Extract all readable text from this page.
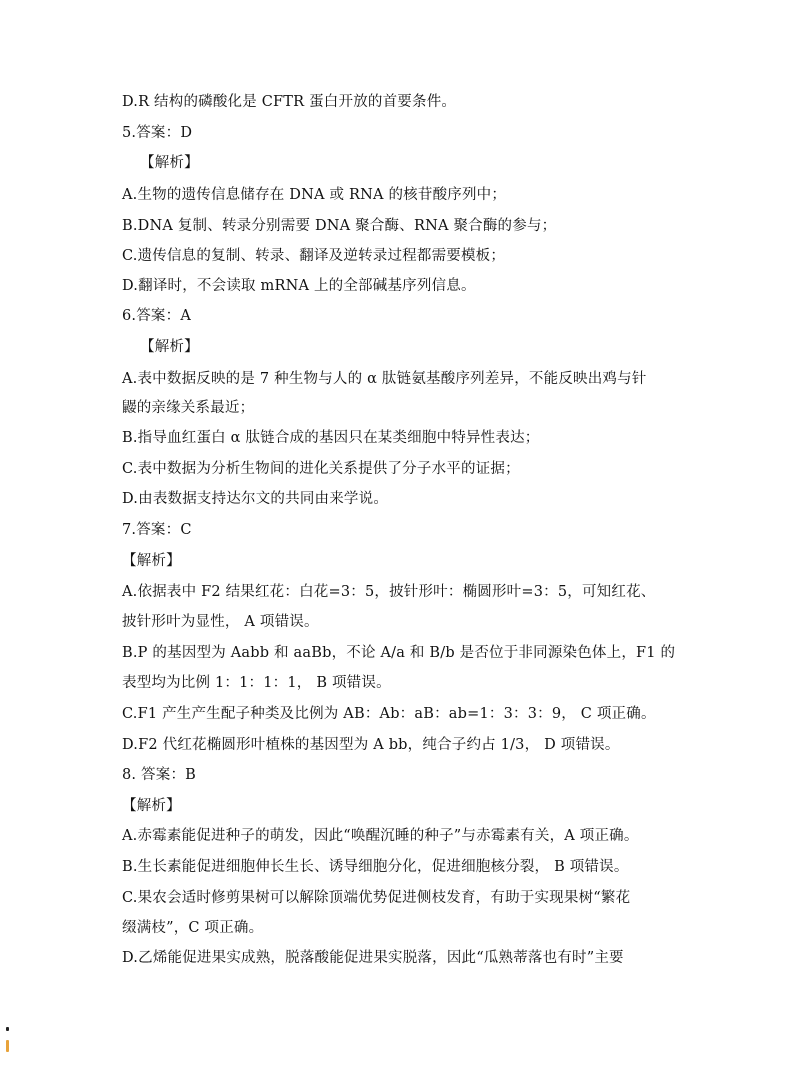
D.R 结构的磷酸化是 CFTR 蛋白开放的首要条件。
5.答案：D
【解析】
A.生物的遗传信息储存在 DNA 或 RNA 的核苷酸序列中；
B.DNA 复制、转录分别需要 DNA 聚合酶、RNA 聚合酶的参与；
C.遗传信息的复制、转录、翻译及逆转录过程都需要模板；
D.翻译时，不会读取 mRNA 上的全部碱基序列信息。
6.答案：A
【解析】
A.表中数据反映的是 7 种生物与人的 α 肽链氨基酸序列差异，不能反映出鸡与针
鼹的亲缘关系最近；
B.指导血红蛋白 α 肽链合成的基因只在某类细胞中特异性表达；
C.表中数据为分析生物间的进化关系提供了分子水平的证据；
D.由表数据支持达尔文的共同由来学说。
7.答案：C
【解析】
A.依据表中 F2 结果红花：白花=3：5，披针形叶：椭圆形叶=3：5，可知红花、
披针形叶为显性， A 项错误。
B.P 的基因型为 Aabb 和 aaBb，不论 A/a 和 B/b 是否位于非同源染色体上，F1 的
表型均为比例 1：1：1：1， B 项错误。
C.F1 产生产生配子种类及比例为 AB：Ab：aB：ab=1：3：3：9， C 项正确。
D.F2 代红花椭圆形叶植株的基因型为 A bb，纯合子约占 1/3， D 项错误。
8. 答案：B
【解析】
A.赤霉素能促进种子的萌发，因此“唤醒沉睡的种子”与赤霉素有关，A 项正确。
B.生长素能促进细胞伸长生长、诱导细胞分化，促进细胞核分裂， B 项错误。
C.果农会适时修剪果树可以解除顶端优势促进侧枝发育，有助于实现果树“繁花
缀满枝”，C 项正确。
D.乙烯能促进果实成熟，脱落酸能促进果实脱落，因此“瓜熟蒂落也有时”主要
